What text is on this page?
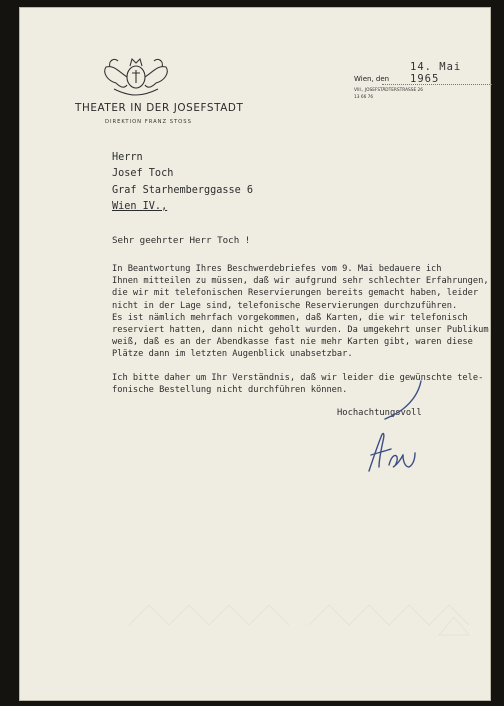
THEATER IN DER JOSEFSTADT
DIREKTION FRANZ STOSS
14. Mai 1965
Wien, den
VIII., JOSEFSTÄDTERSTRASSE 26
13 66 76
Herrn
Josef Toch
Graf Starhemberggasse 6
Wien IV.,
Sehr geehrter Herr Toch !

In Beantwortung Ihres Beschwerdebriefes vom 9. Mai bedauere ich
Ihnen mitteilen zu müssen, daß wir aufgrund sehr schlechter Erfahrungen,
die wir mit telefonischen Reservierungen bereits gemacht haben, leider
nicht in der Lage sind, telefonische Reservierungen durchzuführen.
Es ist nämlich mehrfach vorgekommen, daß Karten, die wir telefonisch
reserviert hatten, dann nicht geholt wurden. Da umgekehrt unser Publikum
weiß, daß es an der Abendkasse fast nie mehr Karten gibt, waren diese
Plätze dann im letzten Augenblick unabsetzbar.

Ich bitte daher um Ihr Verständnis, daß wir leider die gewünschte tele-
fonische Bestellung nicht durchführen können.

Hochachtungsvoll
